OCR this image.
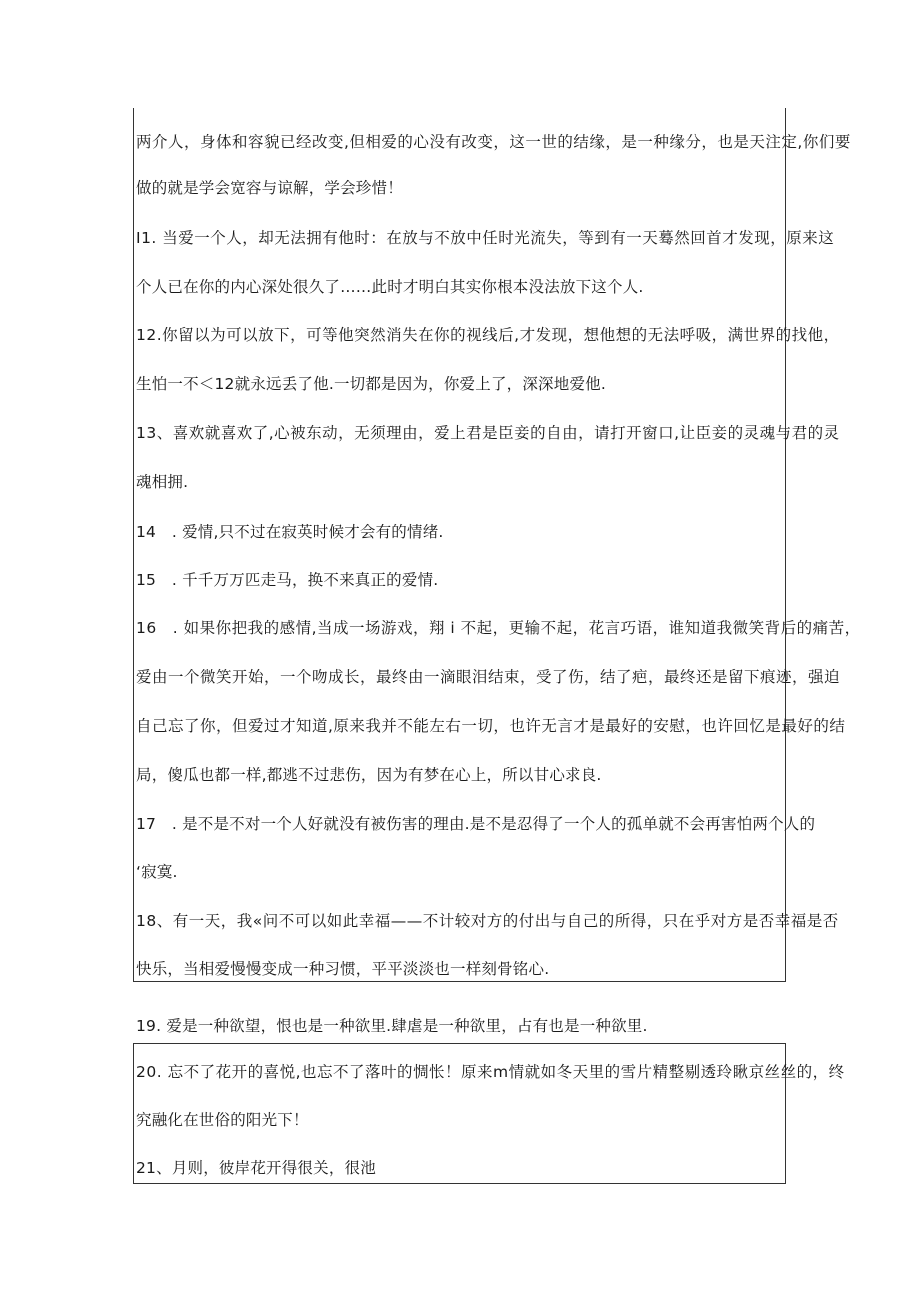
两介人，身体和容貌已经改变,但相爱的心没有改变，这一世的结缘，是一种缘分，也是天注定,你们要
做的就是学会宽容与谅解，学会珍惜！
I1. 当爱一个人，却无法拥有他时：在放与不放中任时光流失，等到有一天蓦然回首才发现，原来这
个人已在你的内心深处很久了……此时才明白其实你根本没法放下这个人.
12.你留以为可以放下，可等他突然消失在你的视线后,才发现，想他想的无法呼吸，满世界的找他，
生怕一不＜12就永远丢了他.一切都是因为，你爱上了，深深地爱他.
13、喜欢就喜欢了,心被东动，无须理由，爱上君是臣妾的自由，请打开窗口,让臣妾的灵魂与君的灵
魂相拥.
14　. 爱情,只不过在寂英时候才会有的情绪.
15　. 千千万万匹走马，换不来真正的爱情.
16　. 如果你把我的感情,当成一场游戏，翔 i 不起，更输不起，花言巧语，谁知道我微笑背后的痛苦，
爱由一个微笑开始，一个吻成长，最终由一滴眼泪结束，受了伤，结了疤，最终还是留下痕迹，强迫
自己忘了你，但爱过才知道,原来我并不能左右一切，也许无言才是最好的安慰，也许回忆是最好的结
局，傻瓜也都一样,都逃不过悲伤，因为有梦在心上，所以甘心求良.
17　. 是不是不对一个人好就没有被伤害的理由.是不是忍得了一个人的孤单就不会再害怕两个人的
‘寂寞.
18、有一天，我«问不可以如此幸福——不计较对方的付出与自己的所得，只在乎对方是否幸福是否
快乐，当相爱慢慢变成一种习惯，平平淡淡也一样刻骨铭心.
19. 爱是一种欲望，恨也是一种欲里.肆虐是一种欲里，占有也是一种欲里.
20. 忘不了花开的喜悦,也忘不了落叶的惆怅！原来m情就如冬天里的雪片精整剔透玲瞅京丝丝的，终
究融化在世俗的阳光下！
21、月则，彼岸花开得很关，很池
